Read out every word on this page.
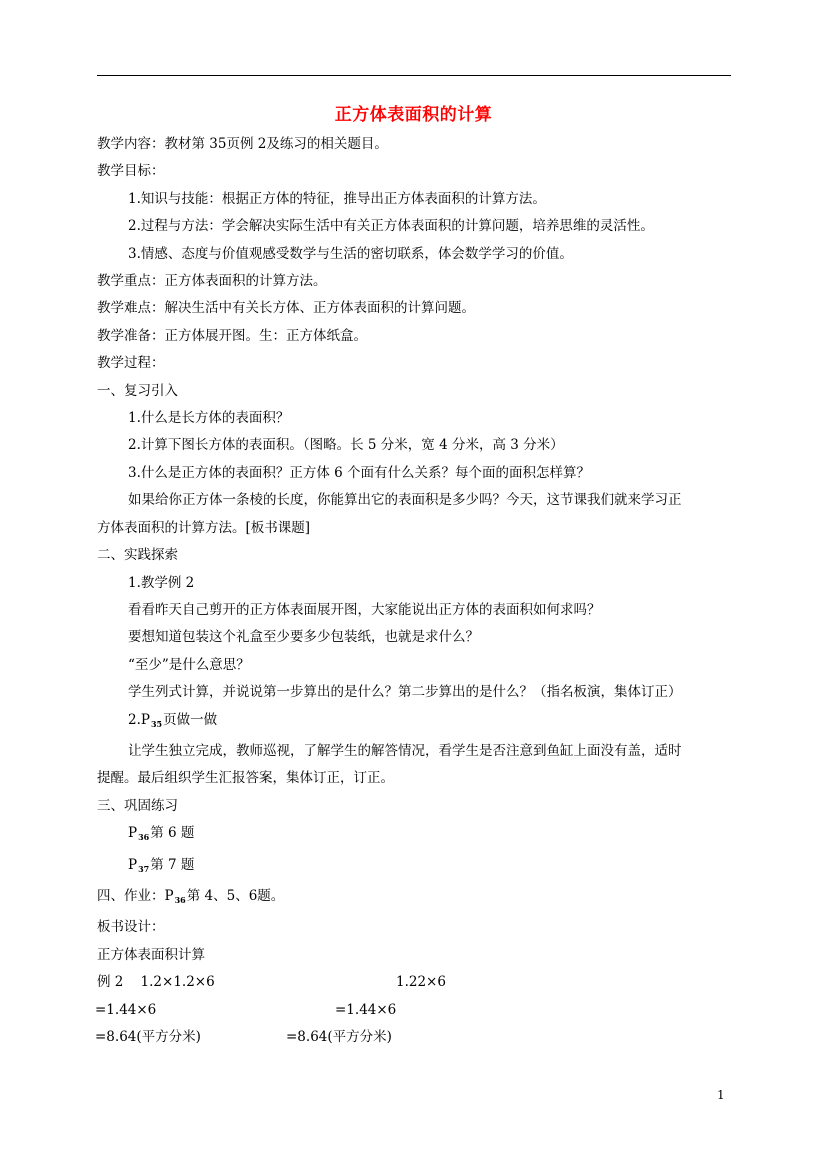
正方体表面积的计算
教学内容：教材第 35页例 2及练习的相关题目。
教学目标：
1.知识与技能：根据正方体的特征，推导出正方体表面积的计算方法。
2.过程与方法：学会解决实际生活中有关正方体表面积的计算问题，培养思维的灵活性。
3.情感、态度与价值观感受数学与生活的密切联系，体会数学学习的价值。
教学重点：正方体表面积的计算方法。
教学难点：解决生活中有关长方体、正方体表面积的计算问题。
教学准备：正方体展开图。生：正方体纸盒。
教学过程：
一、复习引入
1.什么是长方体的表面积？
2.计算下图长方体的表面积。（图略。长 5 分米，宽 4 分米，高 3 分米）
3.什么是正方体的表面积？正方体 6 个面有什么关系？每个面的面积怎样算？
如果给你正方体一条棱的长度，你能算出它的表面积是多少吗？今天，这节课我们就来学习正
方体表面积的计算方法。[板书课题]
二、实践探索
1.教学例 2
看看昨天自己剪开的正方体表面展开图，大家能说出正方体的表面积如何求吗？
要想知道包装这个礼盒至少要多少包装纸，也就是求什么？
“至少”是什么意思？
学生列式计算，并说说第一步算出的是什么？第二步算出的是什么？（指名板演，集体订正）
$2.P_{35}$页做一做
让学生独立完成，教师巡视，了解学生的解答情况，看学生是否注意到鱼缸上面没有盖，适时
提醒。最后组织学生汇报答案，集体订正，订正。
三、巩固练习
$P_{36}$第 6 题
$P_{37}$第 7 题
四、作业：$P_{36}$第 4、5、6题。
板书设计：
正方体表面积计算
例 2    1.2×1.2×6	1.22×6
=1.44×6	=1.44×6
=8.64(平方分米)	=8.64(平方分米)
1
